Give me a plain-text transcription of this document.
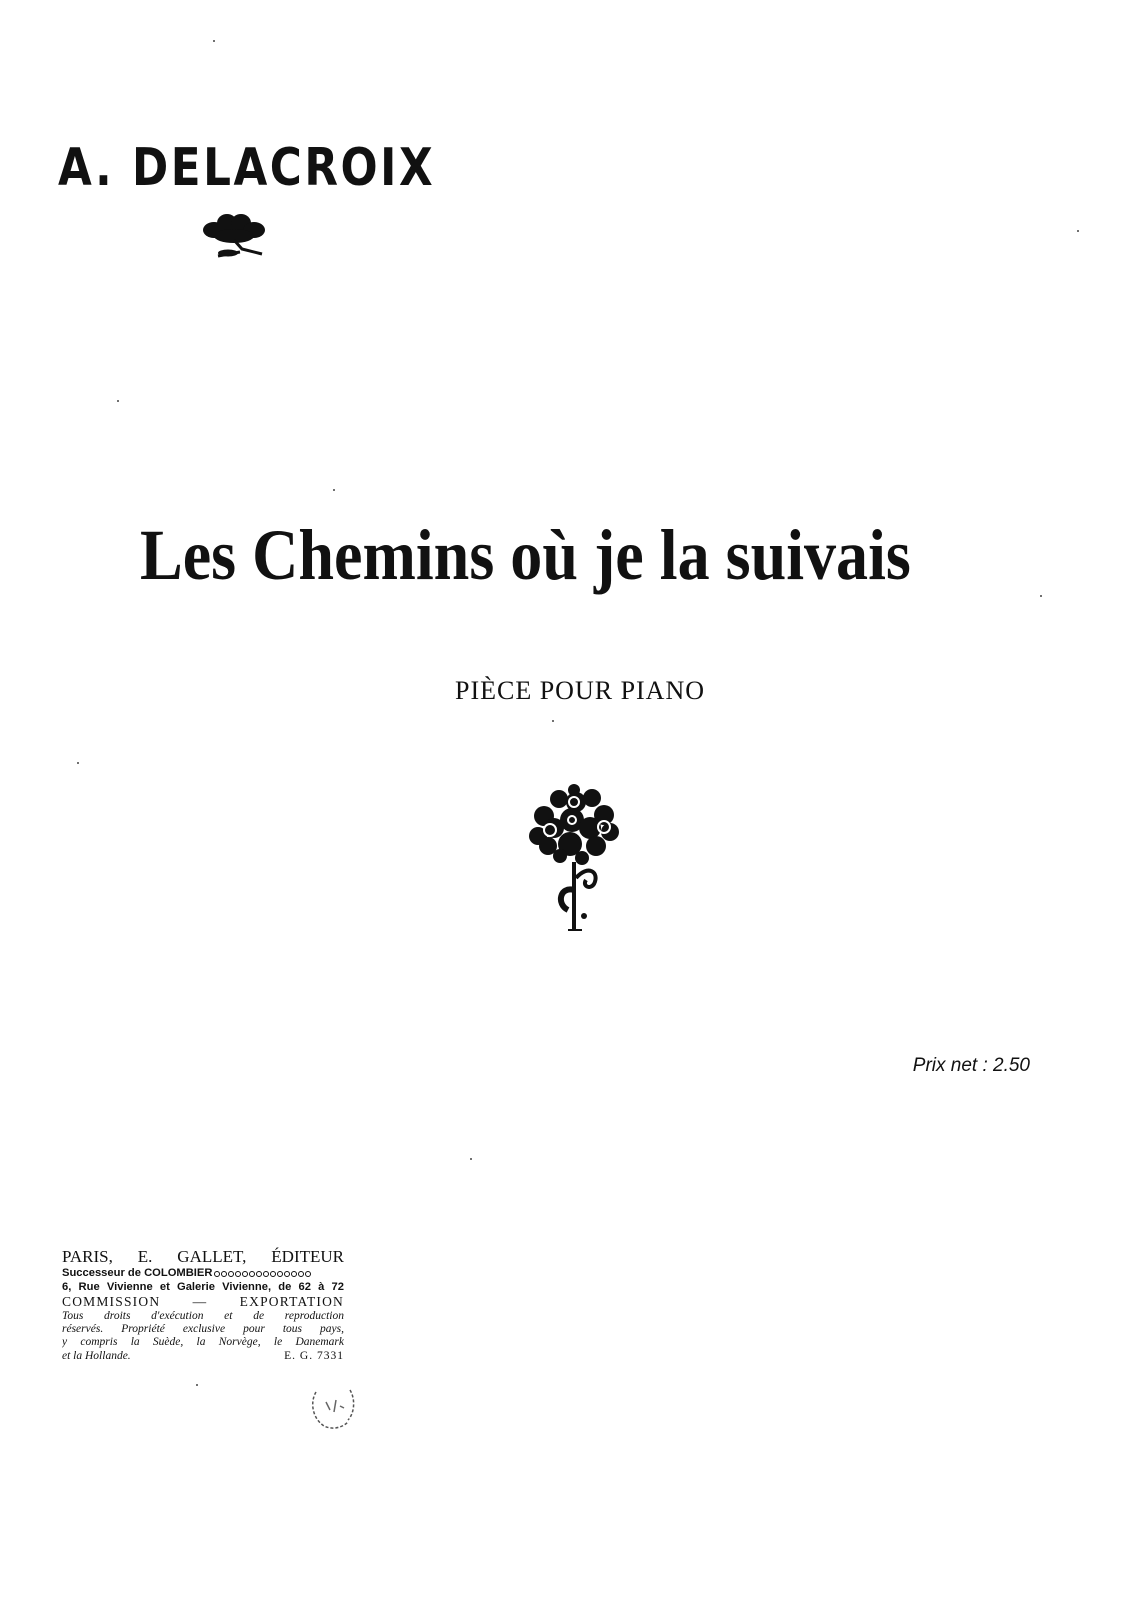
A. DELACROIX
Les Chemins où je la suivais
PIÈCE POUR PIANO
Prix net : 2.50
PARIS, E. GALLET, ÉDITEUR
Successeur de COLOMBIER
6, Rue Vivienne et Galerie Vivienne, de 62 à 72
COMMISSION — EXPORTATION
Tous droits d'exécution et de reproduction
réservés. Propriété exclusive pour tous pays,
y compris la Suède, la Norvège, le Danemark
et la Hollande.	E. G. 7331
